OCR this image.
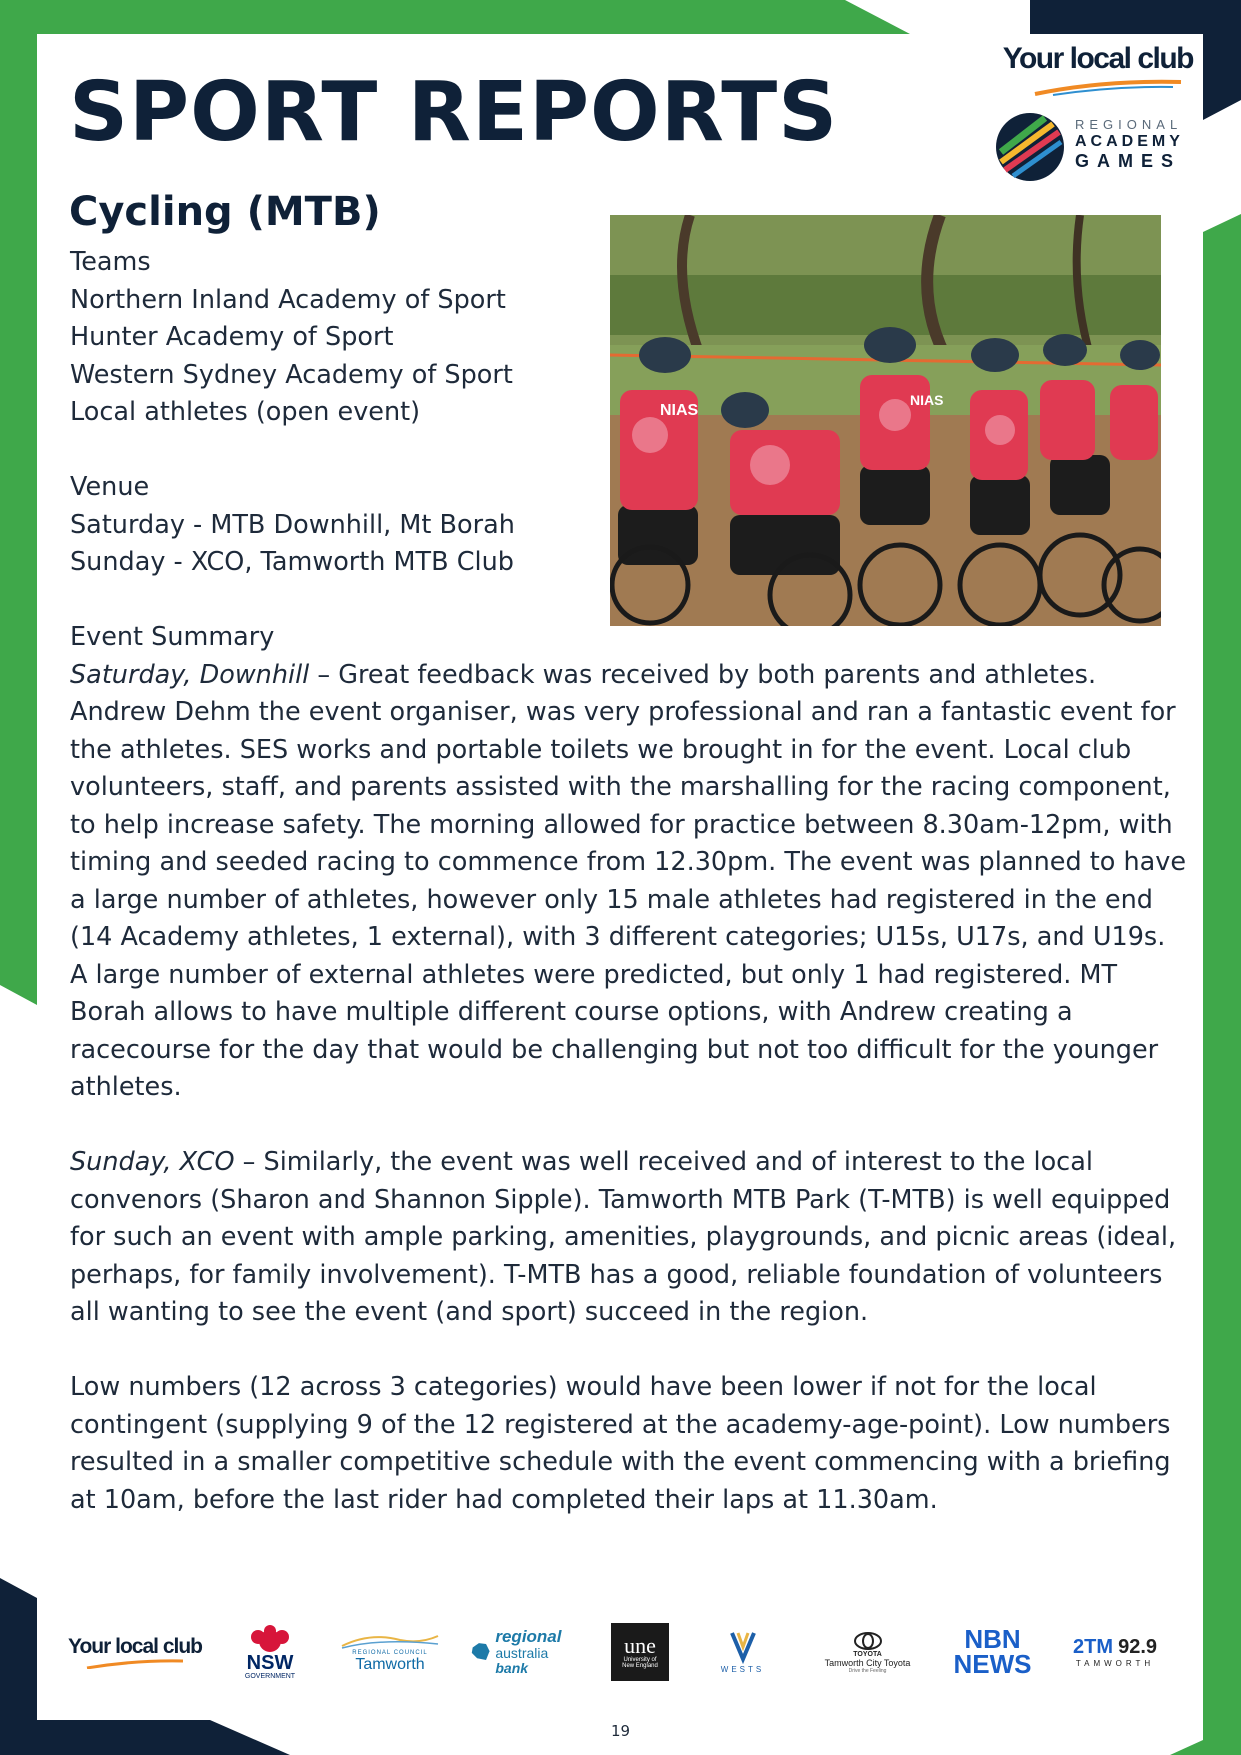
SPORT REPORTS
Your local club
REGIONAL
ACADEMY
GAMES
Cycling (MTB)
Teams
Northern Inland Academy of Sport
Hunter Academy of Sport
Western Sydney Academy of Sport
Local athletes (open event)
Venue
Saturday - MTB Downhill, Mt Borah
Sunday - XCO, Tamworth MTB Club
NIAS
NIAS
Event Summary

Saturday, Downhill – Great feedback was received by both parents and athletes. Andrew Dehm the event organiser, was very professional and ran a fantastic event for the athletes. SES works and portable toilets we brought in for the event. Local club volunteers, staff, and parents assisted with the marshalling for the racing component, to help increase safety. The morning allowed for practice between 8.30am-12pm, with timing and seeded racing to commence from 12.30pm. The event was planned to have a large number of athletes, however only 15 male athletes had registered in the end (14 Academy athletes, 1 external), with 3 different categories; U15s, U17s, and U19s. A large number of external athletes were predicted, but only 1 had registered. MT Borah allows to have multiple different course options, with Andrew creating a racecourse for the day that would be challenging but not too difficult for the younger athletes.

Sunday, XCO – Similarly, the event was well received and of interest to the local convenors (Sharon and Shannon Sipple). Tamworth MTB Park (T-MTB) is well equipped for such an event with ample parking, amenities, playgrounds, and picnic areas (ideal, perhaps, for family involvement). T-MTB has a good, reliable foundation of volunteers all wanting to see the event (and sport) succeed in the region.

Low numbers (12 across 3 categories) would have been lower if not for the local contingent (supplying 9 of the 12 registered at the academy-age-point). Low numbers resulted in a smaller competitive schedule with the event commencing with a briefing at 10am, before the last rider had completed their laps at 11.30am.

Your local club
NSW
GOVERNMENT
REGIONAL COUNCIL
Tamworth
regional
australia bank
une
University of
New England	WESTS
TOYOTA
Tamworth City Toyota
Drive the Feeling
NBN
NEWS
2TM 92.9
TAMWORTH
19
